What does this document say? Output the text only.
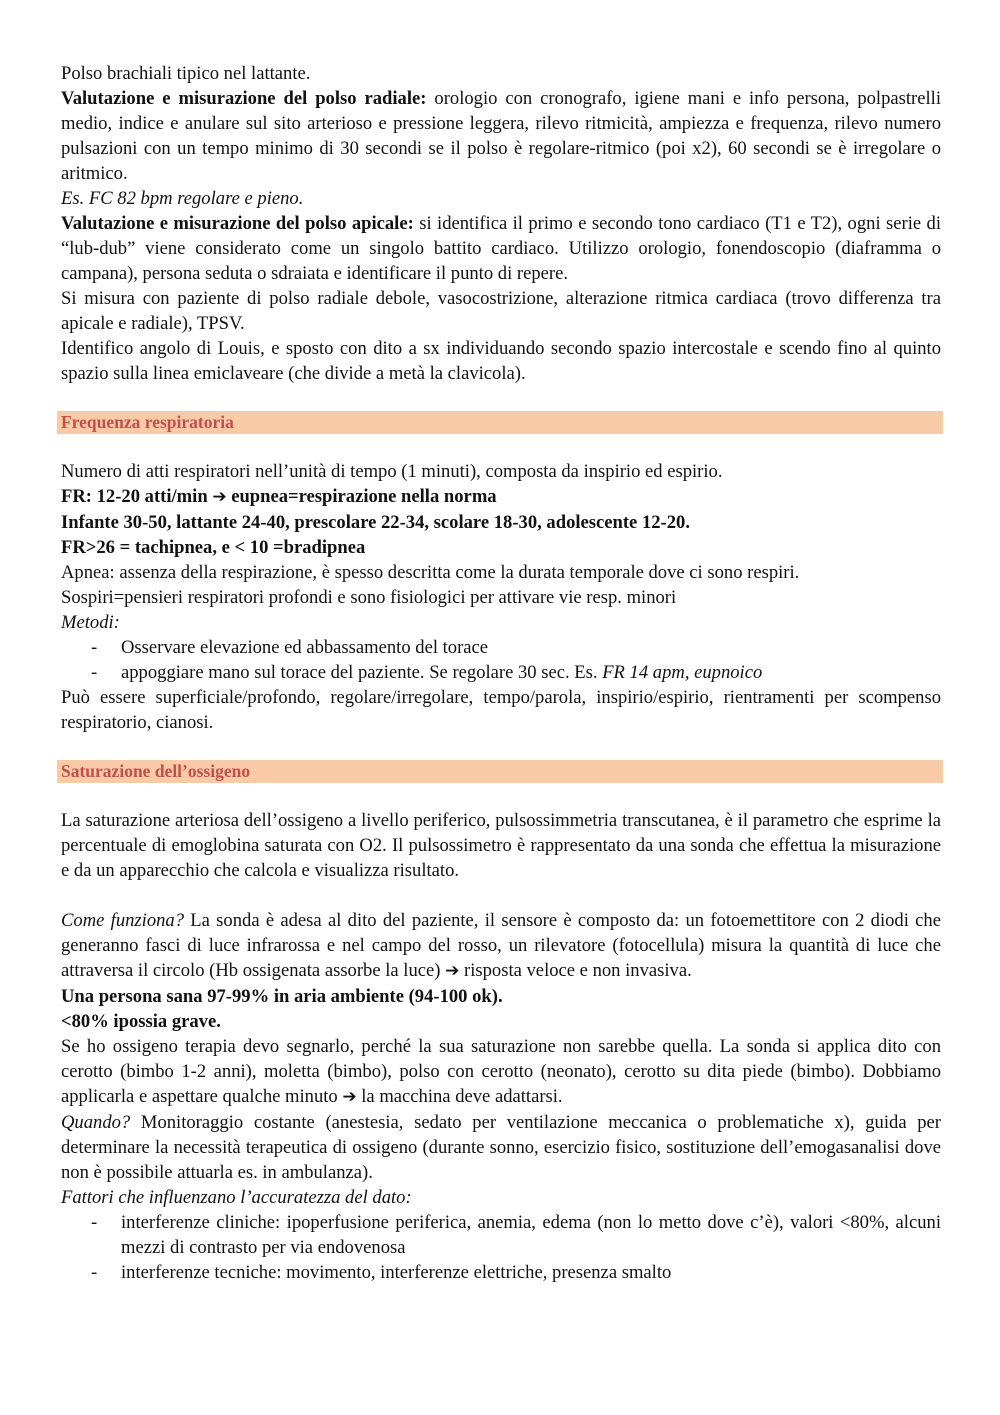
Polso brachiali tipico nel lattante.

Valutazione e misurazione del polso radiale: orologio con cronografo, igiene mani e info persona, polpastrelli medio, indice e anulare sul sito arterioso e pressione leggera, rilevo ritmicità, ampiezza e frequenza, rilevo numero pulsazioni con un tempo minimo di 30 secondi se il polso è regolare-ritmico (poi x2), 60 secondi se è irregolare o aritmico.

Es. FC 82 bpm regolare e pieno.

Valutazione e misurazione del polso apicale: si identifica il primo e secondo tono cardiaco (T1 e T2), ogni serie di “lub-dub” viene considerato come un singolo battito cardiaco. Utilizzo orologio, fonendoscopio (diaframma o campana), persona seduta o sdraiata e identificare il punto di repere.

Si misura con paziente di polso radiale debole, vasocostrizione, alterazione ritmica cardiaca (trovo differenza tra apicale e radiale), TPSV.

Identifico angolo di Louis, e sposto con dito a sx individuando secondo spazio intercostale e scendo fino al quinto spazio sulla linea emiclaveare (che divide a metà la clavicola).

Frequenza respiratoria

Numero di atti respiratori nell’unità di tempo (1 minuti), composta da inspirio ed espirio.

FR: 12-20 atti/min ➔ eupnea=respirazione nella norma

Infante 30-50, lattante 24-40, prescolare 22-34, scolare 18-30, adolescente 12-20.

FR>26 = tachipnea, e < 10 =bradipnea

Apnea: assenza della respirazione, è spesso descritta come la durata temporale dove ci sono respiri.

Sospiri=pensieri respiratori profondi e sono fisiologici per attivare vie resp. minori

Metodi:

- Osservare elevazione ed abbassamento del torace
- appoggiare mano sul torace del paziente. Se regolare 30 sec. Es. FR 14 apm, eupnoico

Può essere superficiale/profondo, regolare/irregolare, tempo/parola, inspirio/espirio, rientramenti per scompenso respiratorio, cianosi.

Saturazione dell’ossigeno

La saturazione arteriosa dell’ossigeno a livello periferico, pulsossimmetria transcutanea, è il parametro che esprime la percentuale di emoglobina saturata con O2. Il pulsossimetro è rappresentato da una sonda che effettua la misurazione e da un apparecchio che calcola e visualizza risultato.

Come funziona? La sonda è adesa al dito del paziente, il sensore è composto da: un fotoemettitore con 2 diodi che generanno fasci di luce infrarossa e nel campo del rosso, un rilevatore (fotocellula) misura la quantità di luce che attraversa il circolo (Hb ossigenata assorbe la luce) ➔ risposta veloce e non invasiva.

Una persona sana 97-99% in aria ambiente (94-100 ok).

<80% ipossia grave.

Se ho ossigeno terapia devo segnarlo, perché la sua saturazione non sarebbe quella. La sonda si applica dito con cerotto (bimbo 1-2 anni), moletta (bimbo), polso con cerotto (neonato), cerotto su dita piede (bimbo). Dobbiamo applicarla e aspettare qualche minuto ➔ la macchina deve adattarsi.

Quando? Monitoraggio costante (anestesia, sedato per ventilazione meccanica o problematiche x), guida per determinare la necessità terapeutica di ossigeno (durante sonno, esercizio fisico, sostituzione dell’emogasanalisi dove non è possibile attuarla es. in ambulanza).

Fattori che influenzano l’accuratezza del dato:

- interferenze cliniche: ipoperfusione periferica, anemia, edema (non lo metto dove c’è), valori <80%, alcuni mezzi di contrasto per via endovenosa
- interferenze tecniche: movimento, interferenze elettriche, presenza smalto
